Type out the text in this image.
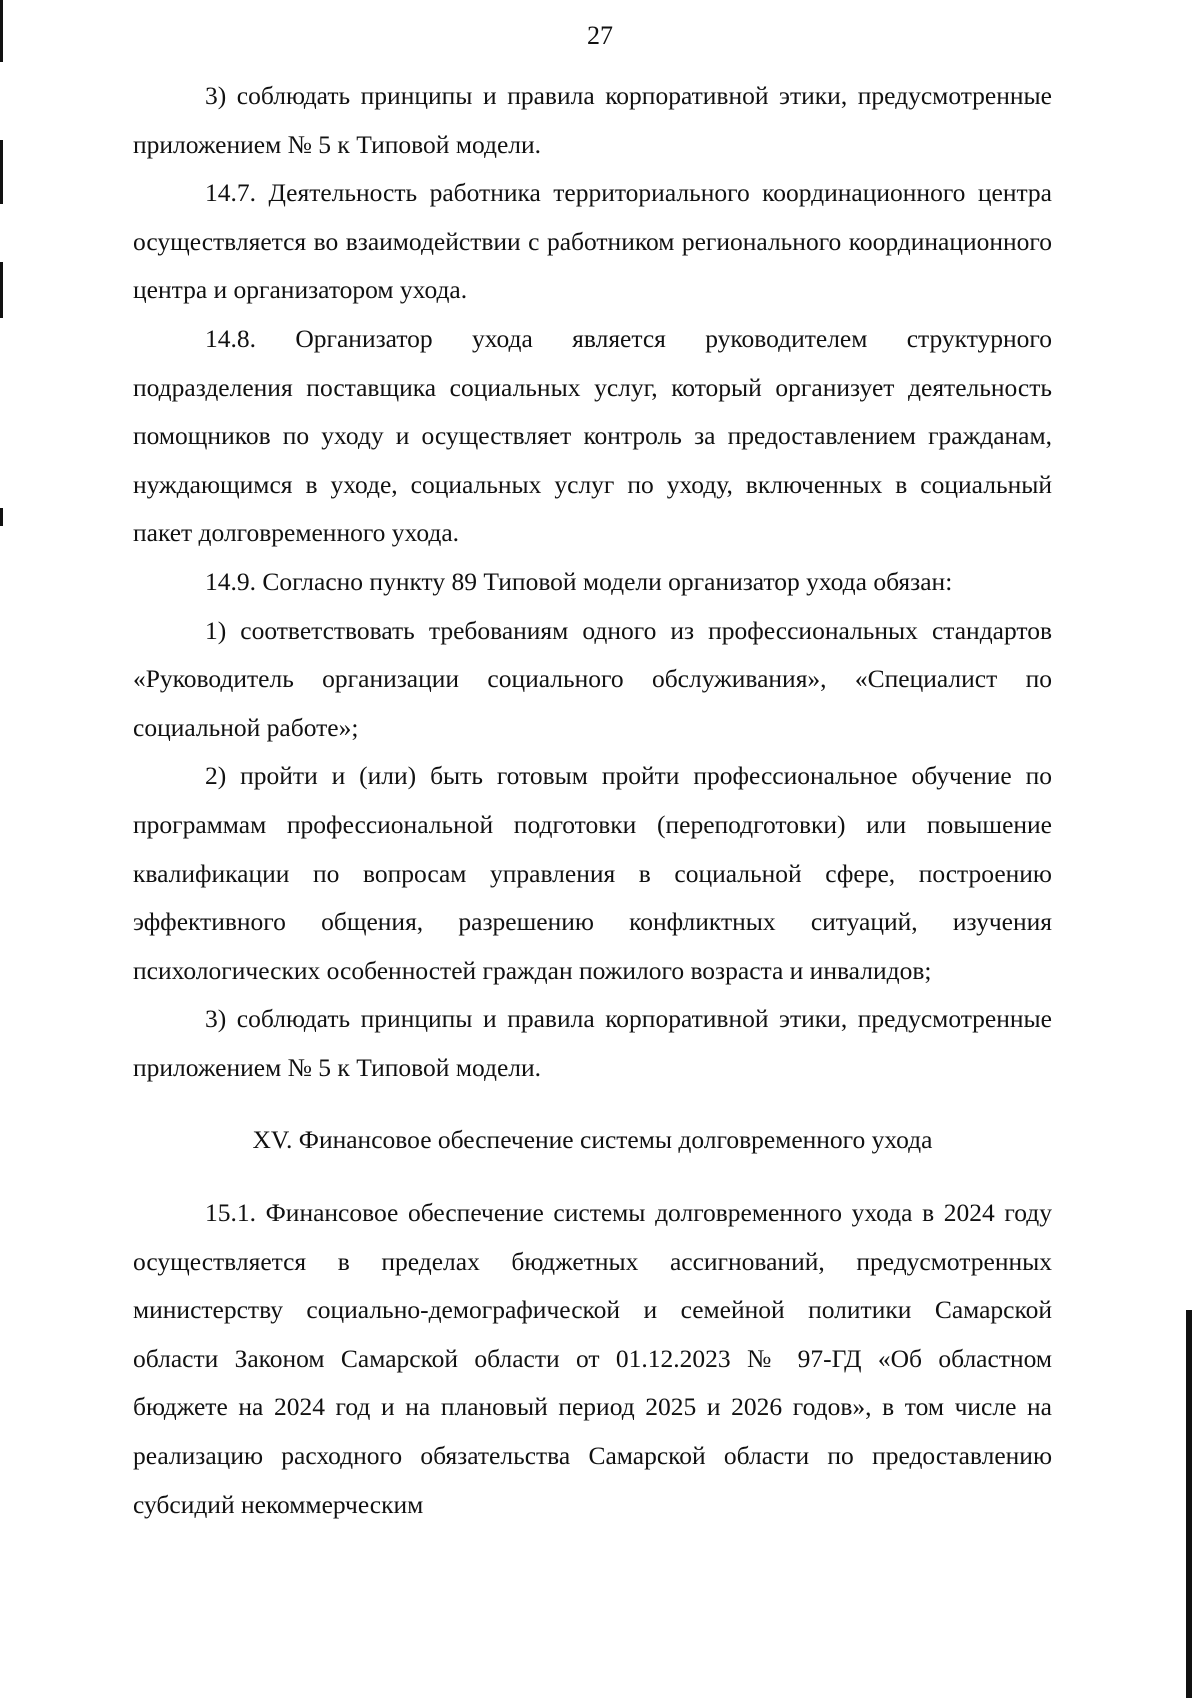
27

3) соблюдать принципы и правила корпоративной этики, предусмотренные приложением № 5 к Типовой модели.

14.7. Деятельность работника территориального координационного центра осуществляется во взаимодействии с работником регионального координационного центра и организатором ухода.

14.8. Организатор ухода является руководителем структурного подразделения поставщика социальных услуг, который организует деятельность помощников по уходу и осуществляет контроль за предоставлением гражданам, нуждающимся в уходе, социальных услуг по уходу, включенных в социальный пакет долговременного ухода.

14.9. Согласно пункту 89 Типовой модели организатор ухода обязан:

1) соответствовать требованиям одного из профессиональных стандартов «Руководитель организации социального обслуживания», «Специалист по социальной работе»;

2) пройти и (или) быть готовым пройти профессиональное обучение по программам профессиональной подготовки (переподготовки) или повышение квалификации по вопросам управления в социальной сфере, построению эффективного общения, разрешению конфликтных ситуаций, изучения психологических особенностей граждан пожилого возраста и инвалидов;

3) соблюдать принципы и правила корпоративной этики, предусмотренные приложением № 5 к Типовой модели.

XV. Финансовое обеспечение системы долговременного ухода

15.1. Финансовое обеспечение системы долговременного ухода в 2024 году осуществляется в пределах бюджетных ассигнований, предусмотренных министерству социально-демографической и семейной политики Самарской области Законом Самарской области от 01.12.2023 № 97-ГД «Об областном бюджете на 2024 год и на плановый период 2025 и 2026 годов», в том числе на реализацию расходного обязательства Самарской области по предоставлению субсидий некоммерческим
